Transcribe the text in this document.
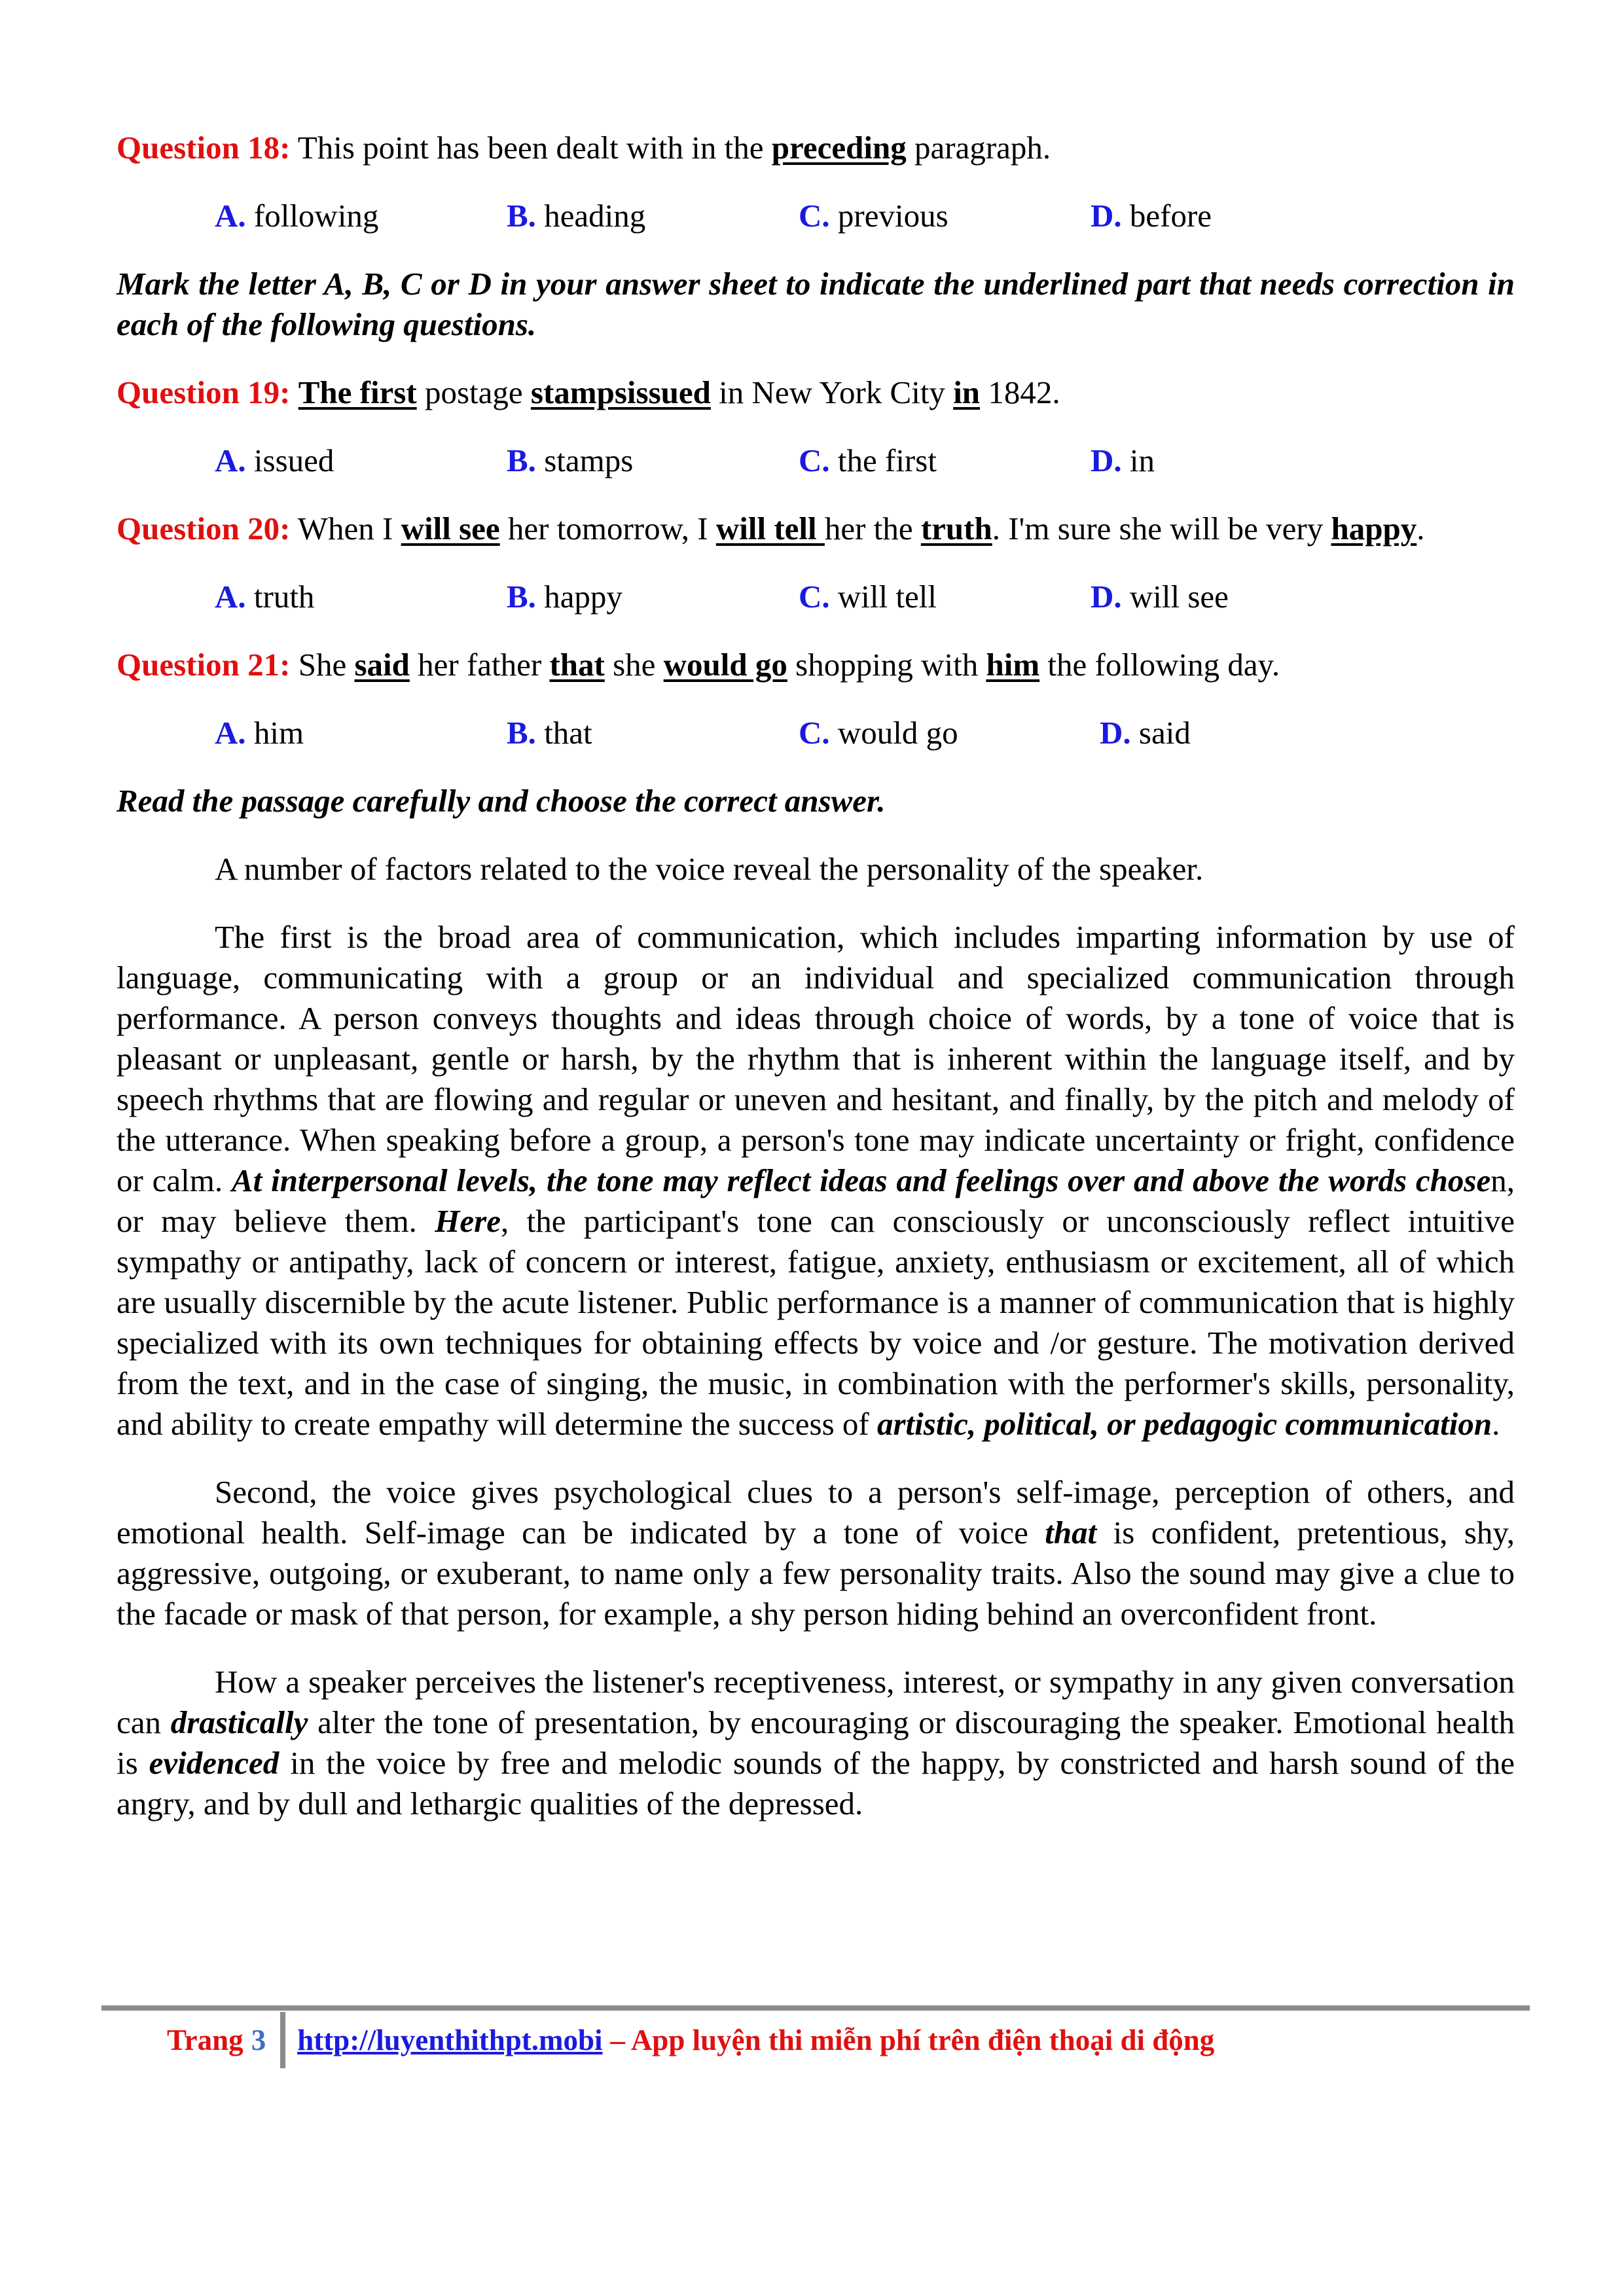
Question 18: This point has been dealt with in the preceding paragraph.

A. following	B. heading	C. previous	D. before

Mark the letter A, B, C or D in your answer sheet to indicate the underlined part that needs correction in each of the following questions.

Question 19: The first postage stampsissued in New York City in 1842.

A. issued	B. stamps	C. the first	D. in

Question 20: When I will see her tomorrow, I will tell her the truth. I'm sure she will be very happy.

A. truth	B. happy	C. will tell	D. will see

Question 21: She said her father that she would go shopping with him the following day.

A. him	B. that	C. would go	D. said

Read the passage carefully and choose the correct answer.

A number of factors related to the voice reveal the personality of the speaker.

The first is the broad area of communication, which includes imparting information by use of language, communicating with a group or an individual and specialized communication through performance. A person conveys thoughts and ideas through choice of words, by a tone of voice that is pleasant or unpleasant, gentle or harsh, by the rhythm that is inherent within the language itself, and by speech rhythms that are flowing and regular or uneven and hesitant, and finally, by the pitch and melody of the utterance. When speaking before a group, a person's tone may indicate uncertainty or fright, confidence or calm. At interpersonal levels, the tone may reflect ideas and feelings over and above the words chosen, or may believe them. Here, the participant's tone can consciously or unconsciously reflect intuitive sympathy or antipathy, lack of concern or interest, fatigue, anxiety, enthusiasm or excitement, all of which are usually discernible by the acute listener. Public performance is a manner of communication that is highly specialized with its own techniques for obtaining effects by voice and /or gesture. The motivation derived from the text, and in the case of singing, the music, in combination with the performer's skills, personality, and ability to create empathy will determine the success of artistic, political, or pedagogic communication.

Second, the voice gives psychological clues to a person's self-image, perception of others, and emotional health. Self-image can be indicated by a tone of voice that is confident, pretentious, shy, aggressive, outgoing, or exuberant, to name only a few personality traits. Also the sound may give a clue to the facade or mask of that person, for example, a shy person hiding behind an overconfident front.

How a speaker perceives the listener's receptiveness, interest, or sympathy in any given conversation can drastically alter the tone of presentation, by encouraging or discouraging the speaker. Emotional health is evidenced in the voice by free and melodic sounds of the happy, by constricted and harsh sound of the angry, and by dull and lethargic qualities of the depressed.

Trang 3 http://luyenthithpt.mobi – App luyện thi miễn phí trên điện thoại di động
